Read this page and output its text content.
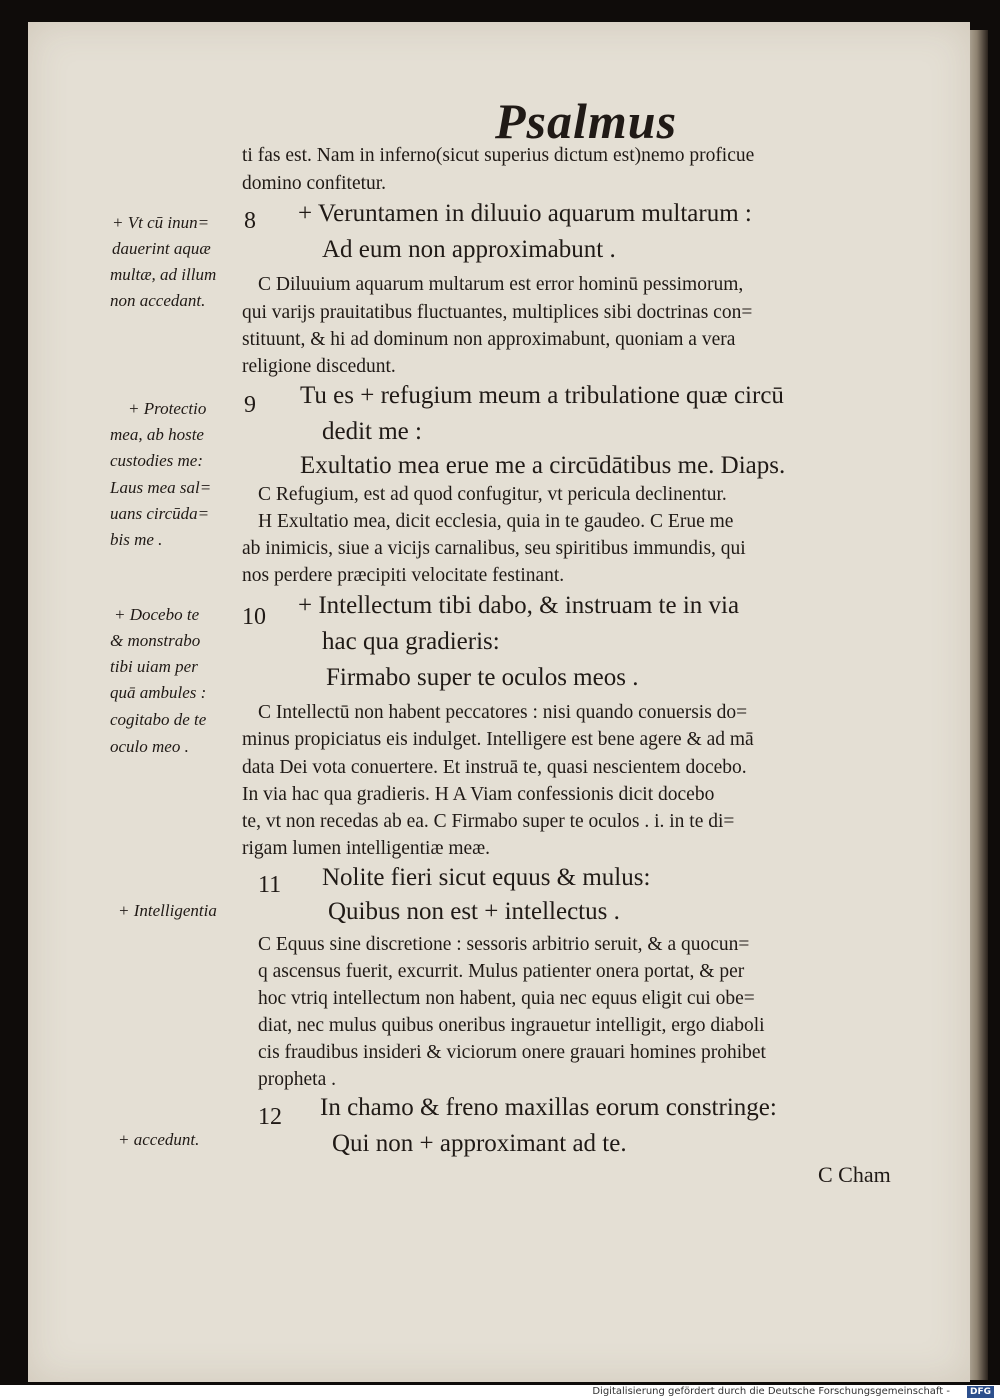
Psalmus
ti fas est. Nam in inferno(sicut superius dictum est)nemo proficue
domino confitetur.
8 + Veruntamen in diluuio aquarum multarum :
Ad eum non approximabunt .
C Diluuium aquarum multarum est error hominū pessimorum,
qui varijs prauitatibus fluctuantes, multiplices sibi doctrinas con=
stituunt, & hi ad dominum non approximabunt, quoniam a vera
religione discedunt.
9 Tu es + refugium meum a tribulatione quæ circū
dedit me :
Exultatio mea erue me a circūdātibus me. Diaps.
C Refugium, est ad quod confugitur, vt pericula declinentur.
H Exultatio mea, dicit ecclesia, quia in te gaudeo. C Erue me
ab inimicis, siue a vicijs carnalibus, seu spiritibus immundis, qui
nos perdere præcipiti velocitate festinant.
10 + Intellectum tibi dabo, & instruam te in via
hac qua gradieris:
Firmabo super te oculos meos .
C Intellectū non habent peccatores : nisi quando conuersis do=
minus propiciatus eis indulget. Intelligere est bene agere & ad mā
data Dei vota conuertere. Et instruā te, quasi nescientem docebo.
In via hac qua gradieris. H A Viam confessionis dicit docebo
te, vt non recedas ab ea. C Firmabo super te oculos . i. in te di=
rigam lumen intelligentiæ meæ.
11 Nolite fieri sicut equus & mulus:
Quibus non est + intellectus .
C Equus sine discretione : sessoris arbitrio seruit, & a quocun=
q ascensus fuerit, excurrit. Mulus patienter onera portat, & per
hoc vtriq intellectum non habent, quia nec equus eligit cui obe=
diat, nec mulus quibus oneribus ingrauetur intelligit, ergo diaboli
cis fraudibus insideri & viciorum onere grauari homines prohibet
propheta .
12 In chamo & freno maxillas eorum constringe:
Qui non + approximant ad te.
C Cham
+ Vt cū inun=
dauerint aquæ
multæ, ad illum
non accedant.
+ Protectio
mea, ab hoste
custodies me:
Laus mea sal=
uans circūda=
bis me .
+ Docebo te
& monstrabo
tibi uiam per
quā ambules :
cogitabo de te
oculo meo .
+ Intelligentia
+ accedunt.
Digitalisierung gefördert durch die Deutsche Forschungsgemeinschaft -	DFG
